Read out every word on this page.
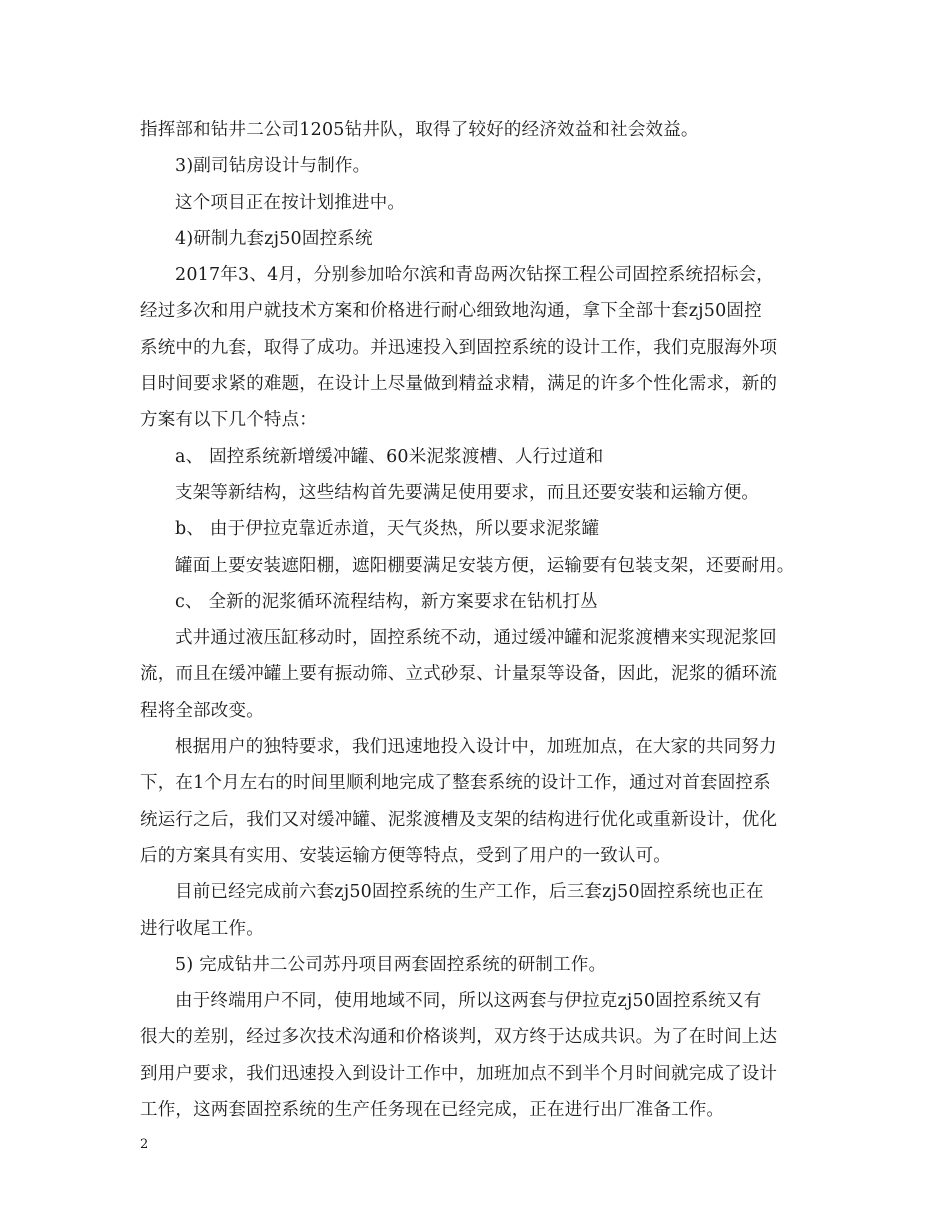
指挥部和钻井二公司1205钻井队，取得了较好的经济效益和社会效益。
3)副司钻房设计与制作。
这个项目正在按计划推进中。
4)研制九套zj50固控系统
2017年3、4月，分别参加哈尔滨和青岛两次钻探工程公司固控系统招标会，
经过多次和用户就技术方案和价格进行耐心细致地沟通，拿下全部十套zj50固控
系统中的九套，取得了成功。并迅速投入到固控系统的设计工作，我们克服海外项
目时间要求紧的难题，在设计上尽量做到精益求精，满足的许多个性化需求，新的
方案有以下几个特点：
a、 固控系统新增缓冲罐、60米泥浆渡槽、人行过道和
支架等新结构，这些结构首先要满足使用要求，而且还要安装和运输方便。
b、 由于伊拉克靠近赤道，天气炎热，所以要求泥浆罐
罐面上要安装遮阳棚，遮阳棚要满足安装方便，运输要有包装支架，还要耐用。
c、 全新的泥浆循环流程结构，新方案要求在钻机打丛
式井通过液压缸移动时，固控系统不动，通过缓冲罐和泥浆渡槽来实现泥浆回
流，而且在缓冲罐上要有振动筛、立式砂泵、计量泵等设备，因此，泥浆的循环流
程将全部改变。
根据用户的独特要求，我们迅速地投入设计中，加班加点，在大家的共同努力
下，在1个月左右的时间里顺利地完成了整套系统的设计工作，通过对首套固控系
统运行之后，我们又对缓冲罐、泥浆渡槽及支架的结构进行优化或重新设计，优化
后的方案具有实用、安装运输方便等特点，受到了用户的一致认可。
目前已经完成前六套zj50固控系统的生产工作，后三套zj50固控系统也正在
进行收尾工作。
5) 完成钻井二公司苏丹项目两套固控系统的研制工作。
由于终端用户不同，使用地域不同，所以这两套与伊拉克zj50固控系统又有
很大的差别，经过多次技术沟通和价格谈判，双方终于达成共识。为了在时间上达
到用户要求，我们迅速投入到设计工作中，加班加点不到半个月时间就完成了设计
工作，这两套固控系统的生产任务现在已经完成，正在进行出厂准备工作。
2
